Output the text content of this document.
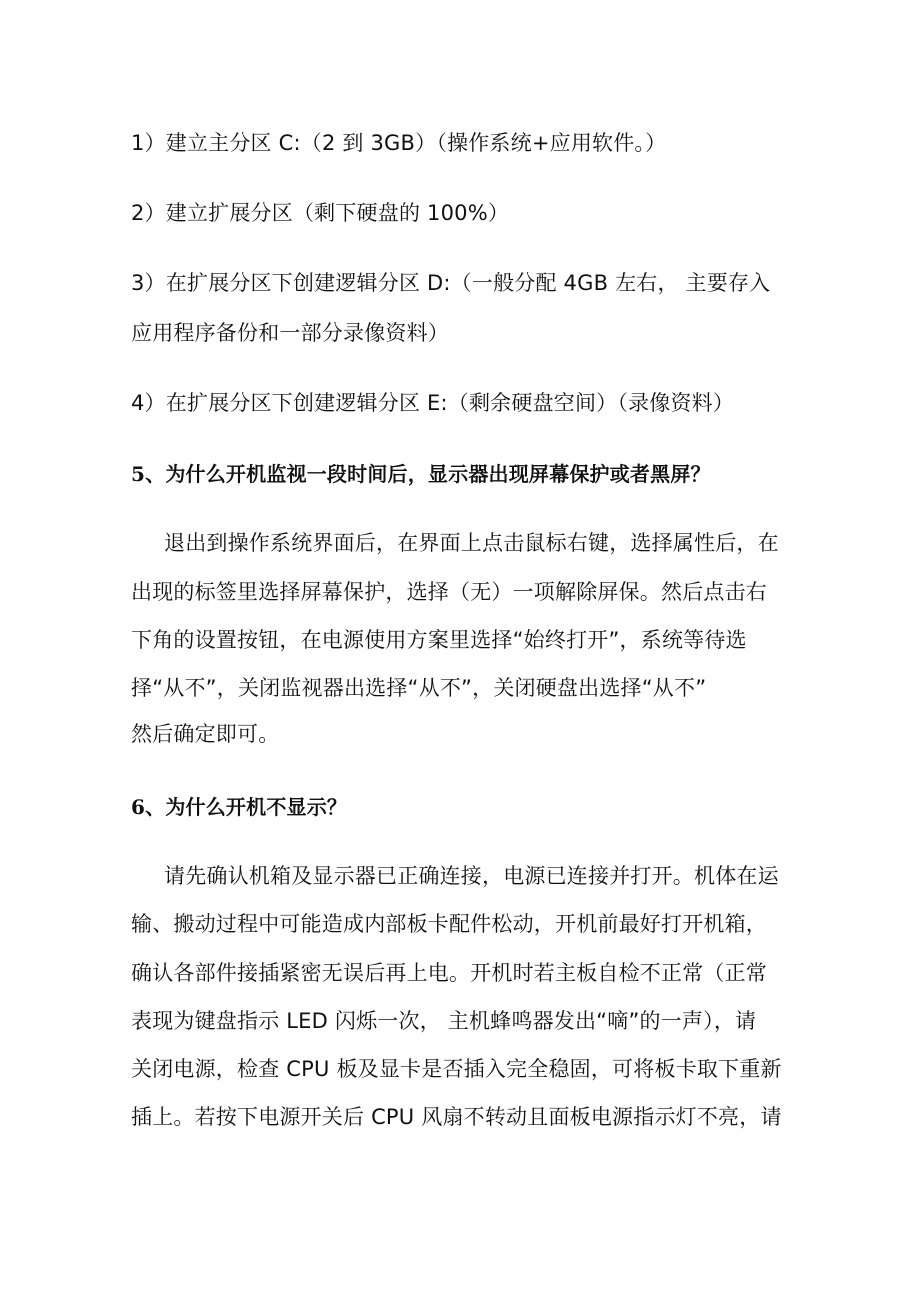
1）建立主分区 C:（2 到 3GB）（操作系统+应用软件。）
2）建立扩展分区（剩下硬盘的 100%）
3）在扩展分区下创建逻辑分区 D:（一般分配 4GB 左右， 主要存入
应用程序备份和一部分录像资料）
4）在扩展分区下创建逻辑分区 E:（剩余硬盘空间）（录像资料）
5、为什么开机监视一段时间后，显示器出现屏幕保护或者黑屏？
退出到操作系统界面后，在界面上点击鼠标右键，选择属性后，在
出现的标签里选择屏幕保护，选择（无）一项解除屏保。然后点击右
下角的设置按钮，在电源使用方案里选择“始终打开”，系统等待选
择“从不”，关闭监视器出选择“从不”，关闭硬盘出选择“从不”
然后确定即可。
6、为什么开机不显示？
请先确认机箱及显示器已正确连接，电源已连接并打开。机体在运
输、搬动过程中可能造成内部板卡配件松动，开机前最好打开机箱，
确认各部件接插紧密无误后再上电。开机时若主板自检不正常（正常
表现为键盘指示 LED 闪烁一次， 主机蜂鸣器发出“嘀”的一声），请
关闭电源，检查 CPU 板及显卡是否插入完全稳固，可将板卡取下重新
插上。若按下电源开关后 CPU 风扇不转动且面板电源指示灯不亮，请
